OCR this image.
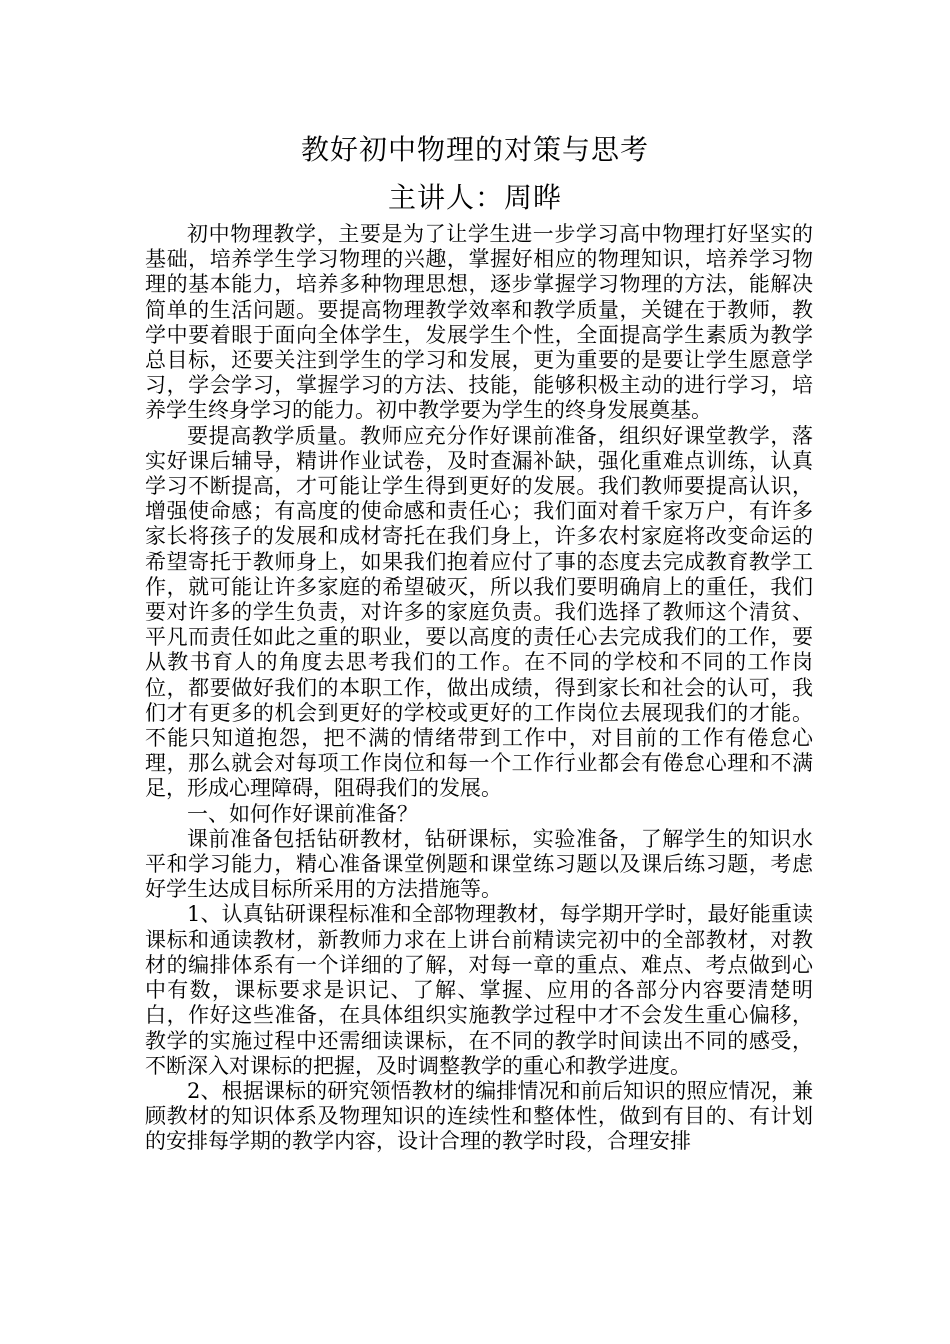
教好初中物理的对策与思考
主讲人：周晔

初中物理教学，主要是为了让学生进一步学习高中物理打好坚实的基础，培养学生学习物理的兴趣，掌握好相应的物理知识，培养学习物理的基本能力，培养多种物理思想，逐步掌握学习物理的方法，能解决简单的生活问题。要提高物理教学效率和教学质量，关键在于教师，教学中要着眼于面向全体学生，发展学生个性，全面提高学生素质为教学总目标，还要关注到学生的学习和发展，更为重要的是要让学生愿意学习，学会学习，掌握学习的方法、技能，能够积极主动的进行学习，培养学生终身学习的能力。初中教学要为学生的终身发展奠基。

要提高教学质量。教师应充分作好课前准备，组织好课堂教学，落实好课后辅导，精讲作业试卷，及时查漏补缺，强化重难点训练，认真学习不断提高，才可能让学生得到更好的发展。我们教师要提高认识，增强使命感；有高度的使命感和责任心；我们面对着千家万户，有许多家长将孩子的发展和成材寄托在我们身上，许多农村家庭将改变命运的希望寄托于教师身上，如果我们抱着应付了事的态度去完成教育教学工作，就可能让许多家庭的希望破灭，所以我们要明确肩上的重任，我们要对许多的学生负责，对许多的家庭负责。我们选择了教师这个清贫、平凡而责任如此之重的职业，要以高度的责任心去完成我们的工作，要从教书育人的角度去思考我们的工作。在不同的学校和不同的工作岗位，都要做好我们的本职工作，做出成绩，得到家长和社会的认可，我们才有更多的机会到更好的学校或更好的工作岗位去展现我们的才能。不能只知道抱怨，把不满的情绪带到工作中，对目前的工作有倦怠心理，那么就会对每项工作岗位和每一个工作行业都会有倦怠心理和不满足，形成心理障碍，阻碍我们的发展。

一、如何作好课前准备？

课前准备包括钻研教材，钻研课标，实验准备，了解学生的知识水平和学习能力，精心准备课堂例题和课堂练习题以及课后练习题，考虑好学生达成目标所采用的方法措施等。

1、认真钻研课程标准和全部物理教材，每学期开学时，最好能重读课标和通读教材，新教师力求在上讲台前精读完初中的全部教材，对教材的编排体系有一个详细的了解，对每一章的重点、难点、考点做到心中有数，课标要求是识记、了解、掌握、应用的各部分内容要清楚明白，作好这些准备，在具体组织实施教学过程中才不会发生重心偏移，教学的实施过程中还需细读课标，在不同的教学时间读出不同的感受，不断深入对课标的把握，及时调整教学的重心和教学进度。

2、根据课标的研究领悟教材的编排情况和前后知识的照应情况，兼顾教材的知识体系及物理知识的连续性和整体性，做到有目的、有计划的安排每学期的教学内容，设计合理的教学时段，合理安排
